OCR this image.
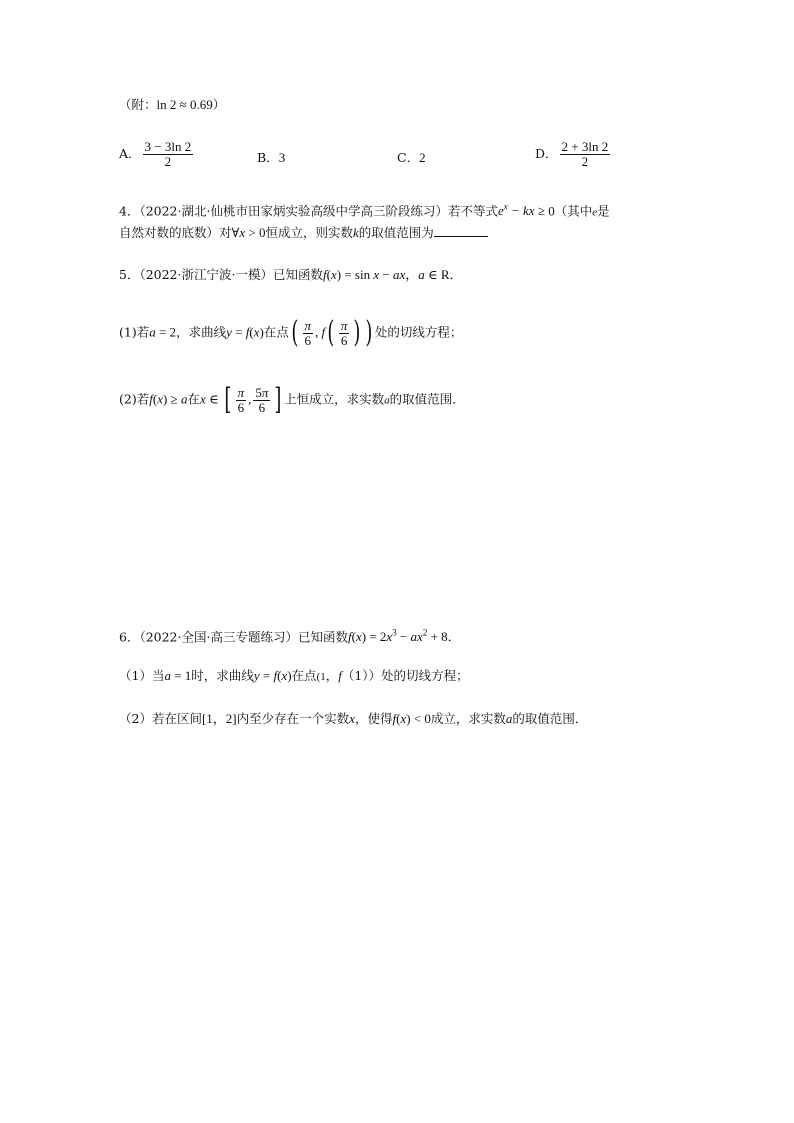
（附：ln 2 ≈ 0.69）
A． $\frac{3 - 3\ln 2}{2}$	B．3	C．2	D． $\frac{2 + 3\ln 2}{2}$
4．（2022·湖北·仙桃市田家炳实验高级中学高三阶段练习）若不等式$e^x$ − kx ≥ 0（其中e是
自然对数的底数）对∀x > 0恒成立，则实数k的取值范围为
5．（2022·浙江宁波·一模）已知函数f(x) = sin x − ax，a ∈ R．
(1)若a = 2，求曲线y = f(x)在点( $\frac{\pi}{6}$ , $f( \frac{\pi}{6}$ ) ) 处的切线方程；
(2)若f(x) ≥ a在x ∈ [ $\frac{\pi}{6}$ , $\frac{5\pi}{6}$ ] 上恒成立，求实数a的取值范围．
6．（2022·全国·高三专题练习）已知函数$f(x) = 2x^3 - ax^2 + 8$．
（1）当a = 1时，求曲线y = f(x)在点(1，f（1））处的切线方程；
（2）若在区间[1，2]内至少存在一个实数x，使得f(x) < 0成立，求实数a的取值范围．
